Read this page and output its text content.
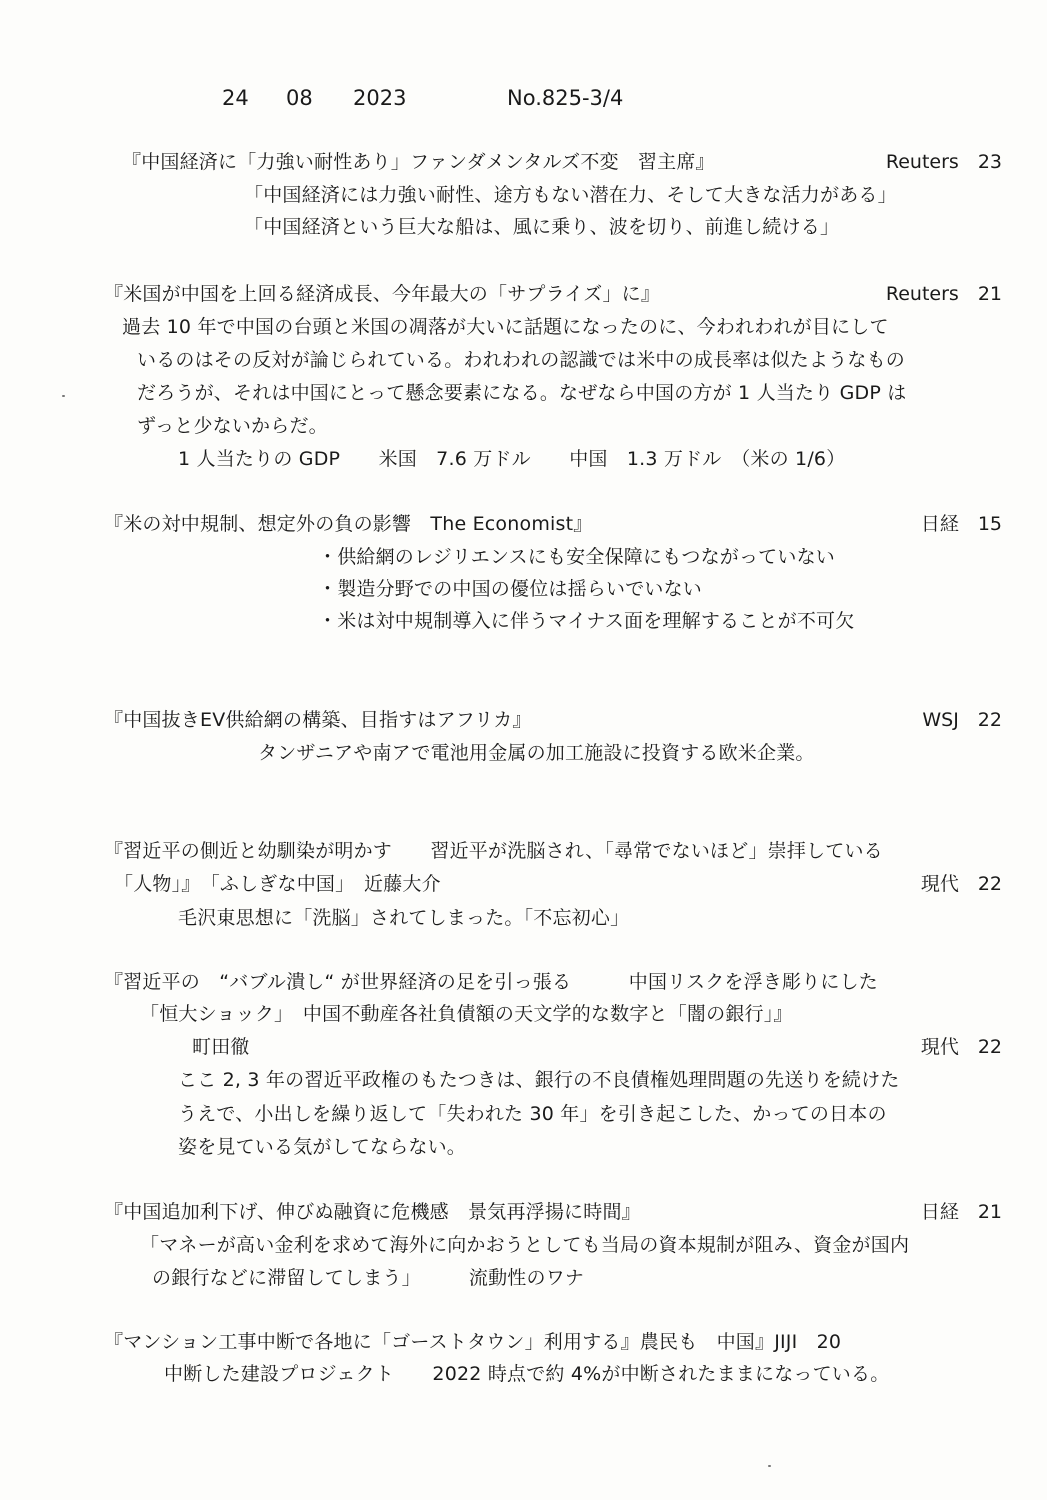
24 08 2023	No.825-3/4
『中国経済に「力強い耐性あり」ファンダメンタルズ不変　習主席』	Reuters　23
「中国経済には力強い耐性、途方もない潜在力、そして大きな活力がある」
「中国経済という巨大な船は、風に乗り、波を切り、前進し続ける」
『米国が中国を上回る経済成長、今年最大の「サプライズ」に』	Reuters　21
過去 10 年で中国の台頭と米国の凋落が大いに話題になったのに、今われわれが目にして
いるのはその反対が論じられている。われわれの認識では米中の成長率は似たようなもの
だろうが、それは中国にとって懸念要素になる。なぜなら中国の方が 1 人当たり GDP は
ずっと少ないからだ。
1 人当たりの GDP　　米国　7.6 万ドル　　中国　1.3 万ドル　（米の 1/6）
『米の対中規制、想定外の負の影響　The Economist』	日経　15
・供給網のレジリエンスにも安全保障にもつながっていない
・製造分野での中国の優位は揺らいでいない
・米は対中規制導入に伴うマイナス面を理解することが不可欠
『中国抜きEV供給網の構築、目指すはアフリカ』	WSJ　22
タンザニアや南アで電池用金属の加工施設に投資する欧米企業。
『習近平の側近と幼馴染が明かす　　習近平が洗脳され、「尋常でないほど」崇拝している
「人物」』　「ふしぎな中国」　近藤大介	現代　22
毛沢東思想に「洗脳」されてしまった。「不忘初心」
『習近平の　“バブル潰し“ が世界経済の足を引っ張る　　　中国リスクを浮き彫りにした
「恒大ショック」　中国不動産各社負債額の天文学的な数字と「闇の銀行」』
町田徹	現代　22
ここ 2, 3 年の習近平政権のもたつきは、銀行の不良債権処理問題の先送りを続けた
うえで、小出しを繰り返して「失われた 30 年」を引き起こした、かっての日本の
姿を見ている気がしてならない。
『中国追加利下げ、伸びぬ融資に危機感　景気再浮揚に時間』	日経　21
「マネーが高い金利を求めて海外に向かおうとしても当局の資本規制が阻み、資金が国内
の銀行などに滞留してしまう」　　　流動性のワナ
『マンション工事中断で各地に「ゴーストタウン」利用する』農民も　中国』JIJI　20
中断した建設プロジェクト　　2022 時点で約 4%が中断されたままになっている。
